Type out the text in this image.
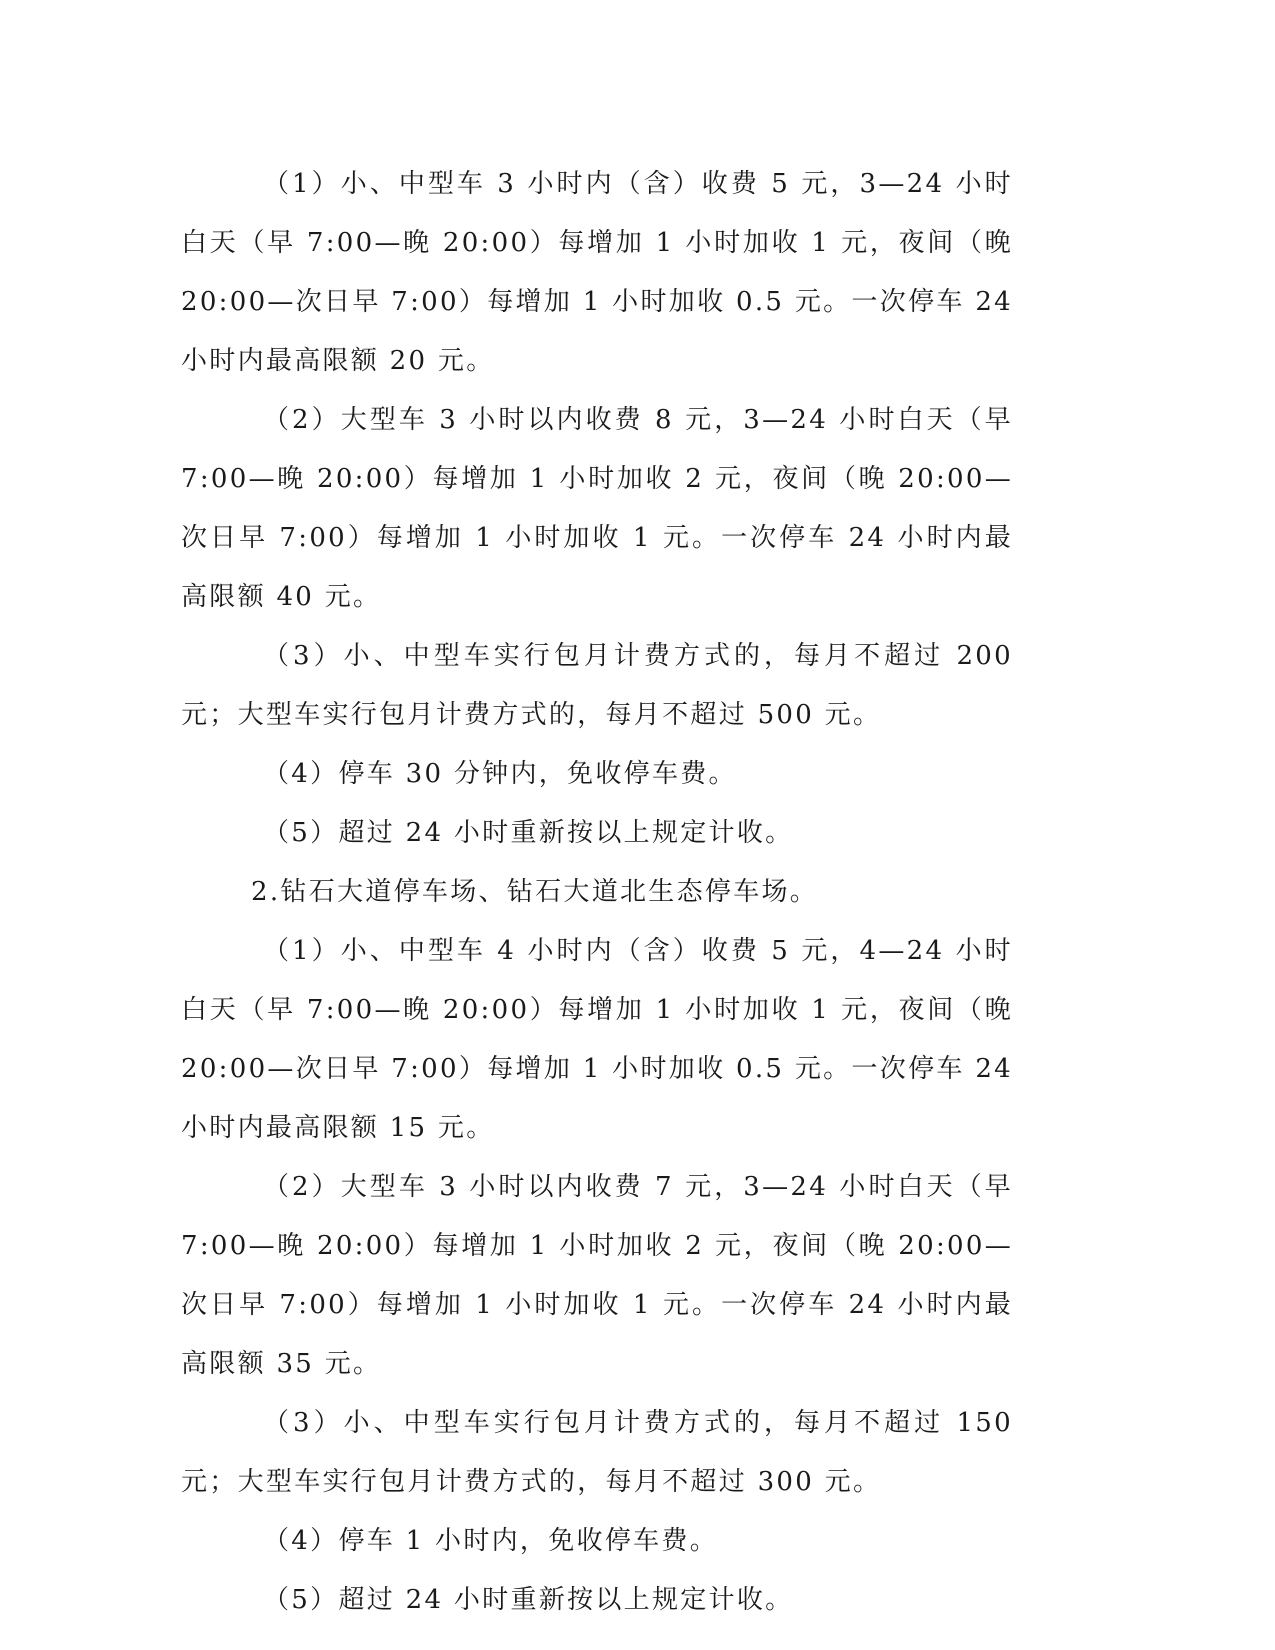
（1）小、中型车 3 小时内（含）收费 5 元，3—24 小时白天（早 7:00—晚 20:00）每增加 1 小时加收 1 元，夜间（晚 20:00—次日早 7:00）每增加 1 小时加收 0.5 元。一次停车 24 小时内最高限额 20 元。

（2）大型车 3 小时以内收费 8 元，3—24 小时白天（早 7:00—晚 20:00）每增加 1 小时加收 2 元，夜间（晚 20:00—次日早 7:00）每增加 1 小时加收 1 元。一次停车 24 小时内最高限额 40 元。

（3）小、中型车实行包月计费方式的，每月不超过 200 元；大型车实行包月计费方式的，每月不超过 500 元。

（4）停车 30 分钟内，免收停车费。

（5）超过 24 小时重新按以上规定计收。

2.钻石大道停车场、钻石大道北生态停车场。

（1）小、中型车 4 小时内（含）收费 5 元，4—24 小时白天（早 7:00—晚 20:00）每增加 1 小时加收 1 元，夜间（晚 20:00—次日早 7:00）每增加 1 小时加收 0.5 元。一次停车 24 小时内最高限额 15 元。

（2）大型车 3 小时以内收费 7 元，3—24 小时白天（早 7:00—晚 20:00）每增加 1 小时加收 2 元，夜间（晚 20:00—次日早 7:00）每增加 1 小时加收 1 元。一次停车 24 小时内最高限额 35 元。

（3）小、中型车实行包月计费方式的，每月不超过 150 元；大型车实行包月计费方式的，每月不超过 300 元。

（4）停车 1 小时内，免收停车费。

（5）超过 24 小时重新按以上规定计收。
